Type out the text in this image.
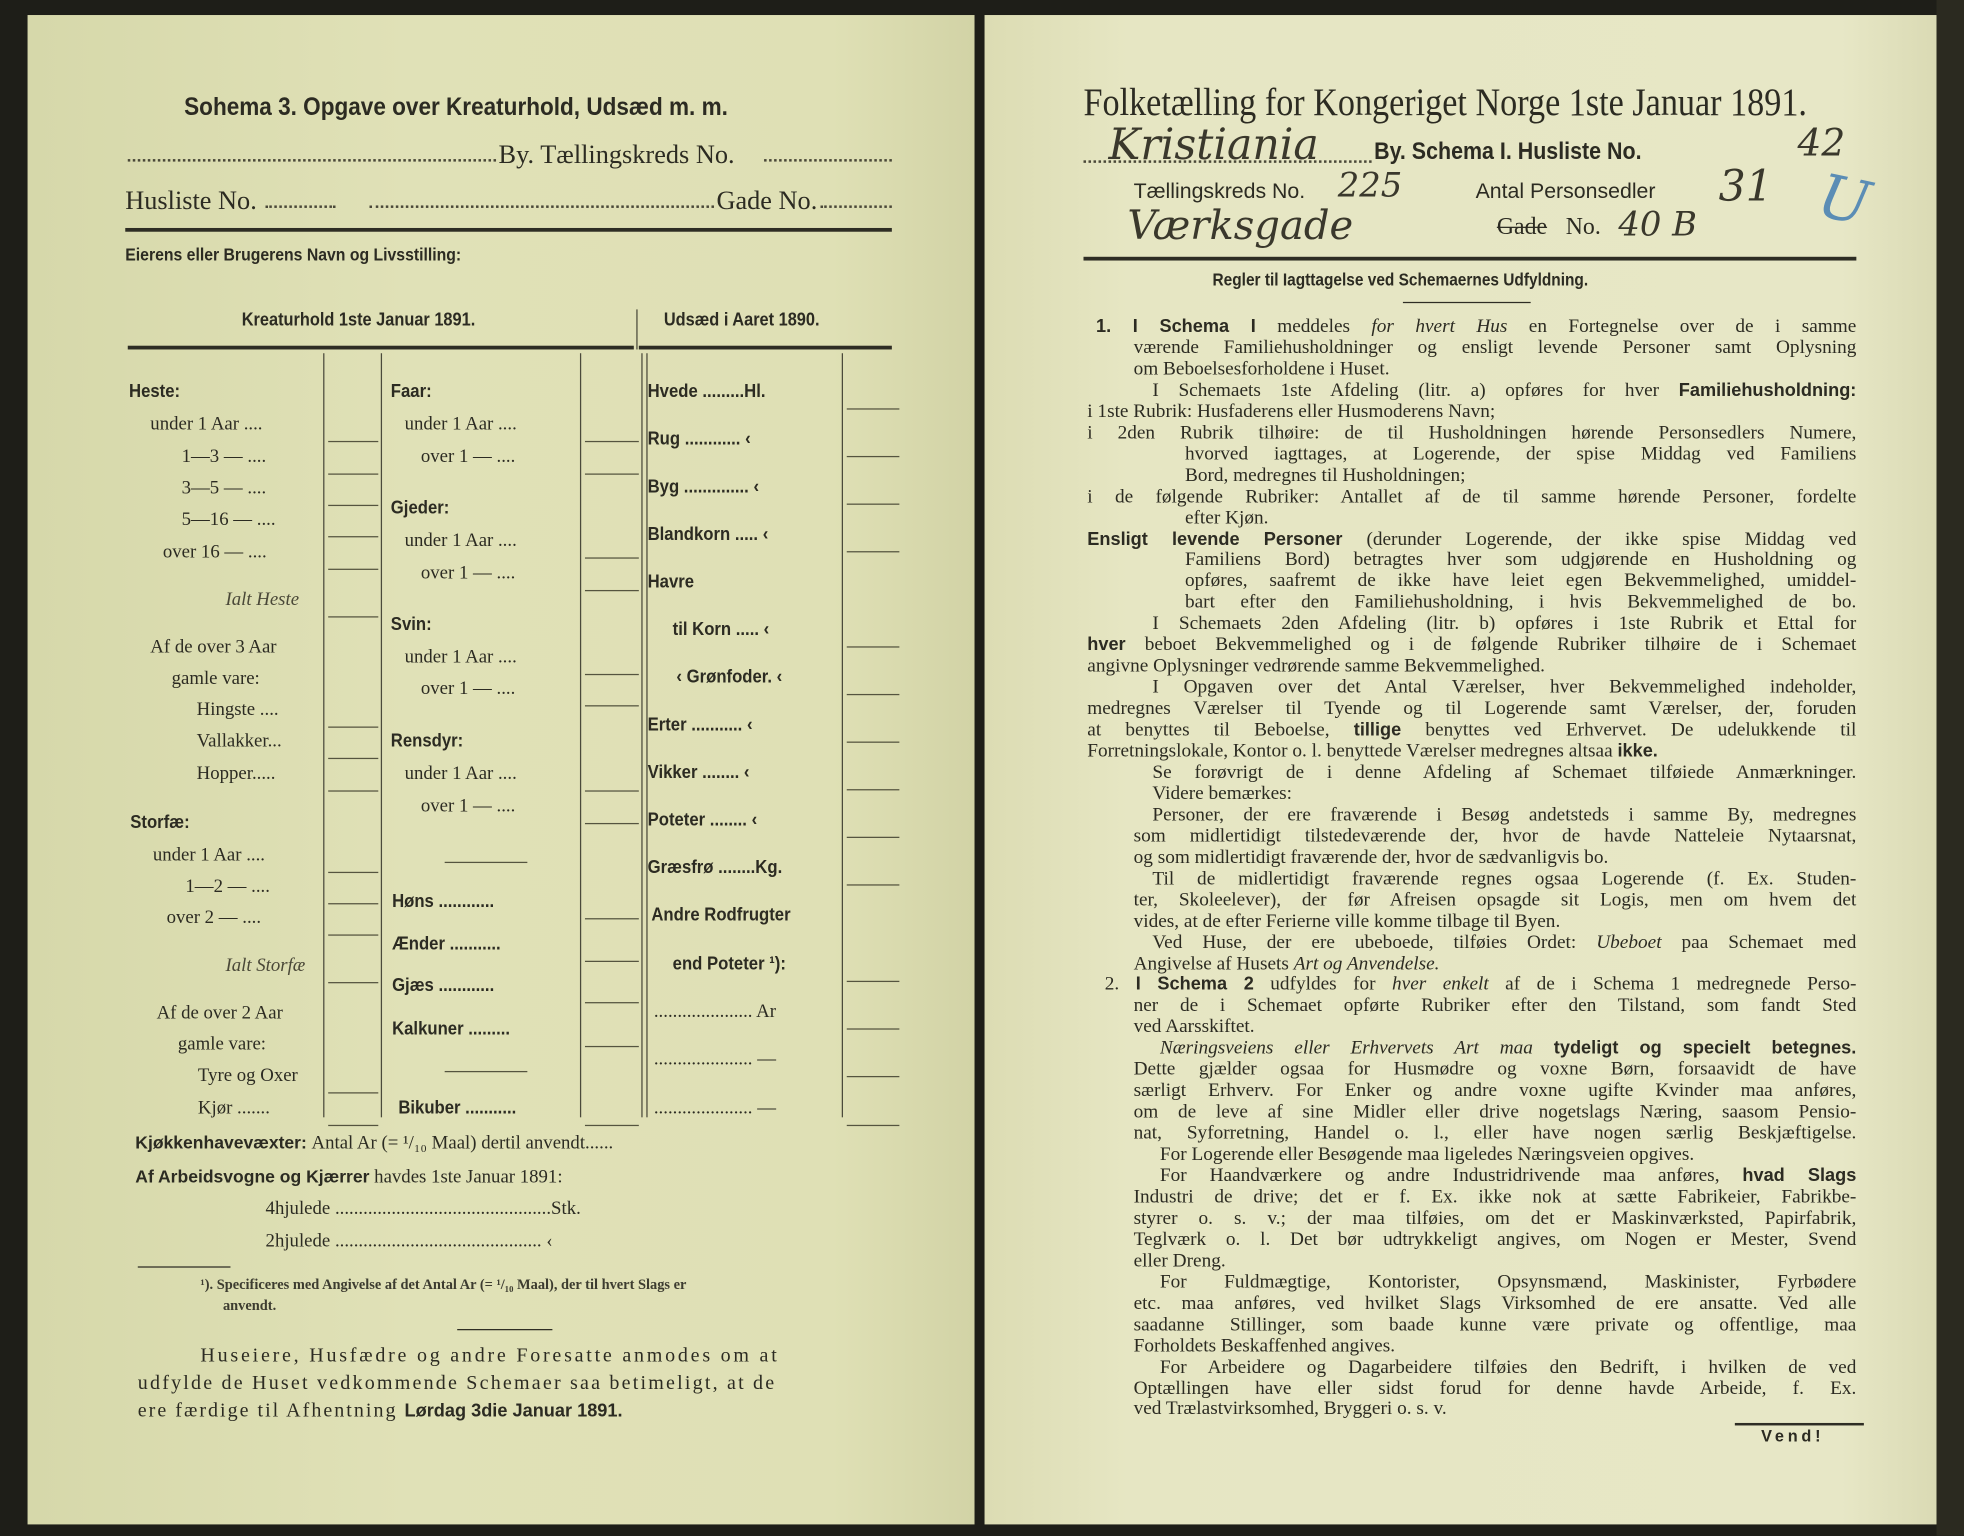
Sohema 3. Opgave over Kreaturhold, Udsæd m. m.
By. Tællingskreds No.
Husliste No.	Gade No.
Eierens eller Brugerens Navn og Livsstilling:
Kreaturhold 1ste Januar 1891.	Udsæd i Aaret 1890.
Heste:
under 1 Aar ....
1—3 — ....
3—5 — ....
5—16 — ....
over 16 — ....
Ialt Heste
Af de over 3 Aar
gamle vare:
Hingste ....
Vallakker...
Hopper.....
Storfæ:
under 1 Aar ....
1—2 — ....
over 2 — ....
Ialt Storfæ
Af de over 2 Aar
gamle vare:
Tyre og Oxer
Kjør .......
Faar:
under 1 Aar ....
over 1 — ....
Gjeder:
under 1 Aar ....
over 1 — ....
Svin:
under 1 Aar ....
over 1 — ....
Rensdyr:
under 1 Aar ....
over 1 — ....
Høns ............
Ænder ...........
Gjæs ............
Kalkuner .........
Bikuber ...........
Hvede .........Hl.
Rug ............ ‹
Byg .............. ‹
Blandkorn ..... ‹
Havre
til Korn ..... ‹
‹ Grønfoder. ‹
Erter ........... ‹
Vikker ........ ‹
Poteter ........ ‹
Græsfrø ........Kg.
Andre Rodfrugter
end Poteter ¹):
..................... Ar
..................... —
..................... —
Kjøkkenhavevæxter: Antal Ar (= ¹/₁₀ Maal) dertil anvendt......
Af Arbeidsvogne og Kjærrer havdes 1ste Januar 1891:
4hjulede ..............................................Stk.
2hjulede ............................................ ‹
¹). Specificeres med Angivelse af det Antal Ar (= ¹/₁₀ Maal), der til hvert Slags er
anvendt.
Huseiere, Husfædre og andre Foresatte anmodes om at
udfylde de Huset vedkommende Schemaer saa betimeligt, at de
ere færdige til Afhentning Lørdag 3die Januar 1891.
Folketælling for Kongeriget Norge 1ste Januar 1891.
Kristiania	By. Schema I. Husliste No.	42
Tællingskreds No. 225	Antal Personsedler 31 U
Værksgade	Gade No. 40 B
Regler til Iagttagelse ved Schemaernes Udfyldning.
1. I Schema I meddeles for hvert Hus en Fortegnelse over de i samme
værende Familiehusholdninger og ensligt levende Personer samt Oplysning
om Beboelsesforholdene i Huset.
I Schemaets 1ste Afdeling (litr. a) opføres for hver Familiehusholdning:
i 1ste Rubrik: Husfaderens eller Husmoderens Navn;
i 2den Rubrik tilhøire: de til Husholdningen hørende Personsedlers Numere,
hvorved iagttages, at Logerende, der spise Middag ved Familiens
Bord, medregnes til Husholdningen;
i de følgende Rubriker: Antallet af de til samme hørende Personer, fordelte
efter Kjøn.
Ensligt levende Personer (derunder Logerende, der ikke spise Middag ved
Familiens Bord) betragtes hver som udgjørende en Husholdning og
opføres, saafremt de ikke have leiet egen Bekvemmelighed, umiddel-
bart efter den Familiehusholdning, i hvis Bekvemmelighed de bo.
I Schemaets 2den Afdeling (litr. b) opføres i 1ste Rubrik et Ettal for
hver beboet Bekvemmelighed og i de følgende Rubriker tilhøire de i Schemaet
angivne Oplysninger vedrørende samme Bekvemmelighed.
I Opgaven over det Antal Værelser, hver Bekvemmelighed indeholder,
medregnes Værelser til Tyende og til Logerende samt Værelser, der, foruden
at benyttes til Beboelse, tillige benyttes ved Erhvervet. De udelukkende til
Forretningslokale, Kontor o. l. benyttede Værelser medregnes altsaa ikke.
Se forøvrigt de i denne Afdeling af Schemaet tilføiede Anmærkninger.
Videre bemærkes:
Personer, der ere fraværende i Besøg andetsteds i samme By, medregnes
som midlertidigt tilstedeværende der, hvor de havde Natteleie Nytaarsnat,
og som midlertidigt fraværende der, hvor de sædvanligvis bo.
Til de midlertidigt fraværende regnes ogsaa Logerende (f. Ex. Studen-
ter, Skoleelever), der før Afreisen opsagde sit Logis, men om hvem det
vides, at de efter Ferierne ville komme tilbage til Byen.
Ved Huse, der ere ubeboede, tilføies Ordet: Ubeboet paa Schemaet med
Angivelse af Husets Art og Anvendelse.
2. I Schema 2 udfyldes for hver enkelt af de i Schema 1 medregnede Perso-
ner de i Schemaet opførte Rubriker efter den Tilstand, som fandt Sted
ved Aarsskiftet.
Næringsveiens eller Erhvervets Art maa tydeligt og specielt betegnes.
Dette gjælder ogsaa for Husmødre og voxne Børn, forsaavidt de have
særligt Erhverv. For Enker og andre voxne ugifte Kvinder maa anføres,
om de leve af sine Midler eller drive nogetslags Næring, saasom Pensio-
nat, Syforretning, Handel o. l., eller have nogen særlig Beskjæftigelse.
For Logerende eller Besøgende maa ligeledes Næringsveien opgives.
For Haandværkere og andre Industridrivende maa anføres, hvad Slags
Industri de drive; det er f. Ex. ikke nok at sætte Fabrikeier, Fabrikbe-
styrer o. s. v.; der maa tilføies, om det er Maskinværksted, Papirfabrik,
Teglværk o. l. Det bør udtrykkeligt angives, om Nogen er Mester, Svend
eller Dreng.
For Fuldmægtige, Kontorister, Opsynsmænd, Maskinister, Fyrbødere
etc. maa anføres, ved hvilket Slags Virksomhed de ere ansatte. Ved alle
saadanne Stillinger, som baade kunne være private og offentlige, maa
Forholdets Beskaffenhed angives.
For Arbeidere og Dagarbeidere tilføies den Bedrift, i hvilken de ved
Optællingen have eller sidst forud for denne havde Arbeide, f. Ex.
ved Trælastvirksomhed, Bryggeri o. s. v.
Vend!
